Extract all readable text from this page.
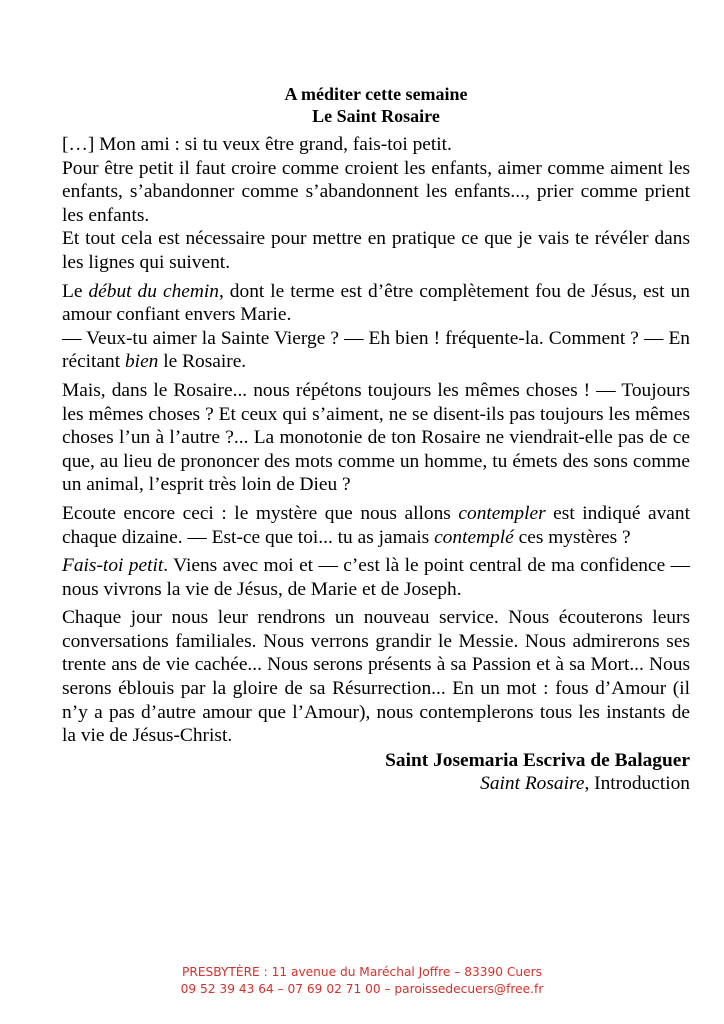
A méditer cette semaine
Le Saint Rosaire

[…] Mon ami : si tu veux être grand, fais-toi petit.

Pour être petit il faut croire comme croient les enfants, aimer comme aiment les enfants, s’abandonner comme s’abandonnent les enfants..., prier comme prient les enfants.

Et tout cela est nécessaire pour mettre en pratique ce que je vais te révéler dans les lignes qui suivent.

Le début du chemin, dont le terme est d’être complètement fou de Jésus, est un amour confiant envers Marie.

— Veux-tu aimer la Sainte Vierge ? — Eh bien ! fréquente-la. Comment ? — En récitant bien le Rosaire.

Mais, dans le Rosaire... nous répétons toujours les mêmes choses ! — Toujours les mêmes choses ? Et ceux qui s’aiment, ne se disent-ils pas toujours les mêmes choses l’un à l’autre ?... La monotonie de ton Rosaire ne viendrait-elle pas de ce que, au lieu de prononcer des mots comme un homme, tu émets des sons comme un animal, l’esprit très loin de Dieu ?

Ecoute encore ceci : le mystère que nous allons contempler est indiqué avant chaque dizaine. — Est-ce que toi... tu as jamais contemplé ces mystères ?

Fais-toi petit. Viens avec moi et — c’est là le point central de ma confidence — nous vivrons la vie de Jésus, de Marie et de Joseph.

Chaque jour nous leur rendrons un nouveau service. Nous écouterons leurs conversations familiales. Nous verrons grandir le Messie. Nous admirerons ses trente ans de vie cachée... Nous serons présents à sa Passion et à sa Mort... Nous serons éblouis par la gloire de sa Résurrection... En un mot : fous d’Amour (il n’y a pas d’autre amour que l’Amour), nous contemplerons tous les instants de la vie de Jésus-Christ.

Saint Josemaria Escriva de Balaguer
Saint Rosaire, Introduction
PRESBYTÈRE : 11 avenue du Maréchal Joffre – 83390 Cuers
09 52 39 43 64 – 07 69 02 71 00 – paroissedecuers@free.fr
